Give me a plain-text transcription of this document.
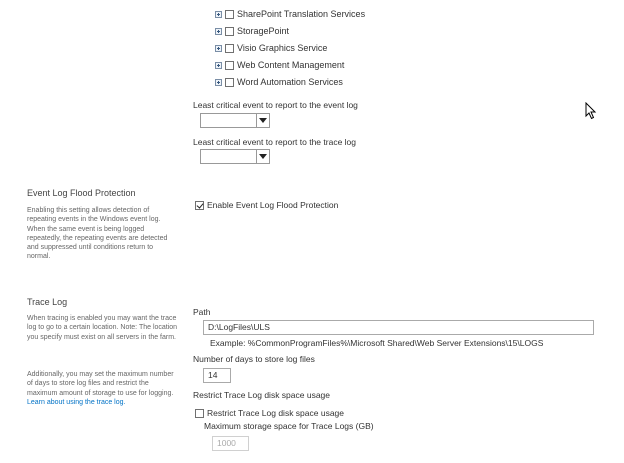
SharePoint Translation Services
StoragePoint
Visio Graphics Service
Web Content Management
Word Automation Services
Least critical event to report to the event log
Least critical event to report to the trace log
Event Log Flood Protection
Enabling this setting allows detection of repeating events in the Windows event log. When the same event is being logged repeatedly, the repeating events are detected and suppressed until conditions return to normal.
Enable Event Log Flood Protection
Trace Log
When tracing is enabled you may want the trace log to go to a certain location. Note: The location you specify must exist on all servers in the farm.
Additionally, you may set the maximum number of days to store log files and restrict the maximum amount of storage to use for logging. Learn about using the trace log.
Path
D:\LogFiles\ULS
Example: %CommonProgramFiles%\Microsoft Shared\Web Server Extensions\15\LOGS
Number of days to store log files
14
Restrict Trace Log disk space usage
Restrict Trace Log disk space usage
Maximum storage space for Trace Logs (GB)
1000
